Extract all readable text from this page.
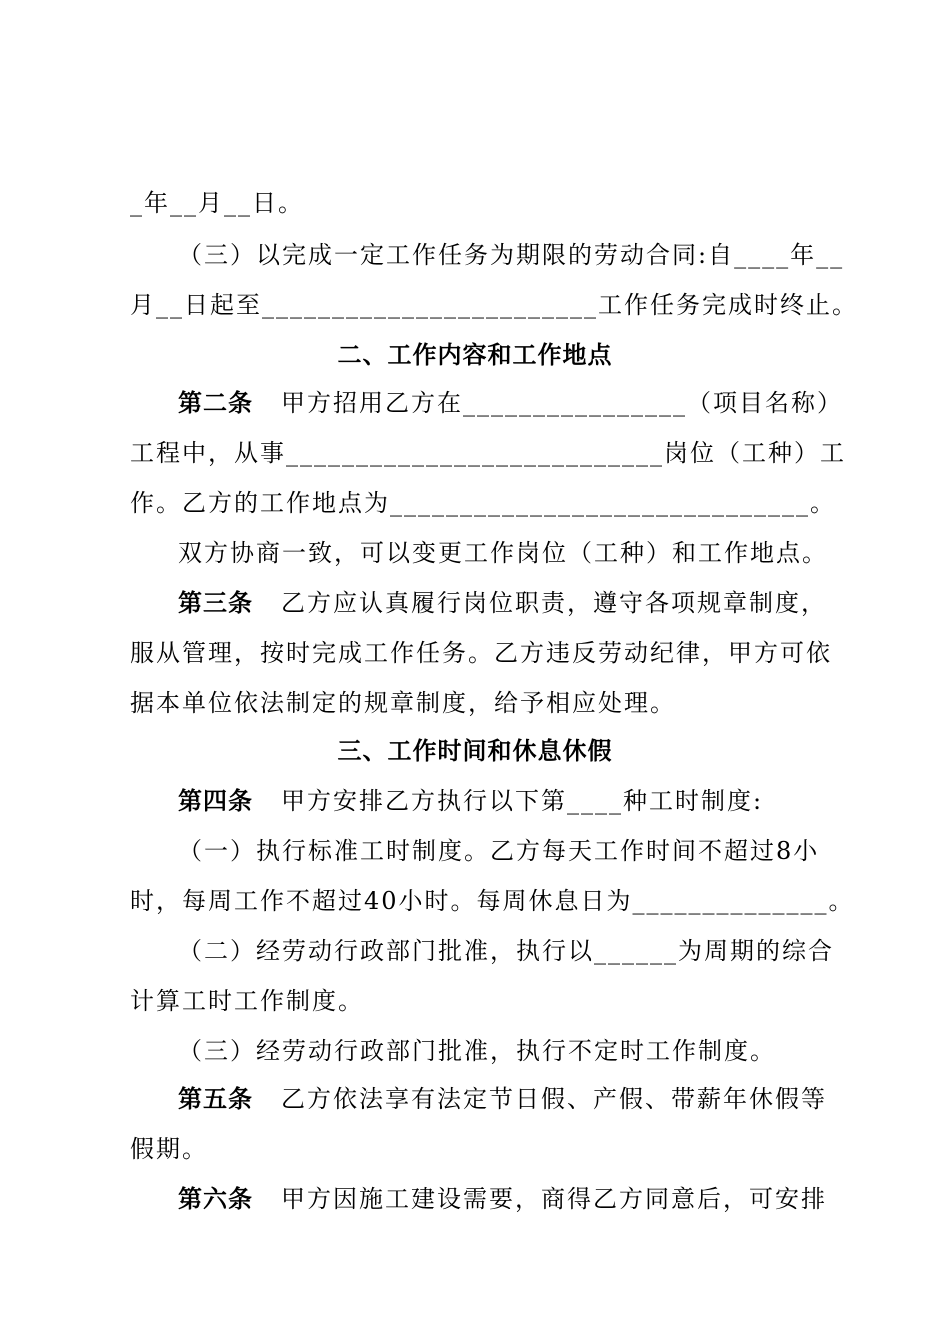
_年__月__日。
（三）以完成一定工作任务为期限的劳动合同:自____年__
月__日起至________________________工作任务完成时终止。
二、工作内容和工作地点
第二条 甲方招用乙方在________________（项目名称）
工程中，从事___________________________岗位（工种）工
作。乙方的工作地点为______________________________。
双方协商一致，可以变更工作岗位（工种）和工作地点。
第三条 乙方应认真履行岗位职责，遵守各项规章制度，
服从管理，按时完成工作任务。乙方违反劳动纪律，甲方可依
据本单位依法制定的规章制度，给予相应处理。
三、工作时间和休息休假
第四条 甲方安排乙方执行以下第____种工时制度:
（一）执行标准工时制度。乙方每天工作时间不超过8小
时，每周工作不超过40小时。每周休息日为______________。
（二）经劳动行政部门批准，执行以______为周期的综合
计算工时工作制度。
（三）经劳动行政部门批准，执行不定时工作制度。
第五条 乙方依法享有法定节日假、产假、带薪年休假等
假期。
第六条 甲方因施工建设需要，商得乙方同意后，可安排
